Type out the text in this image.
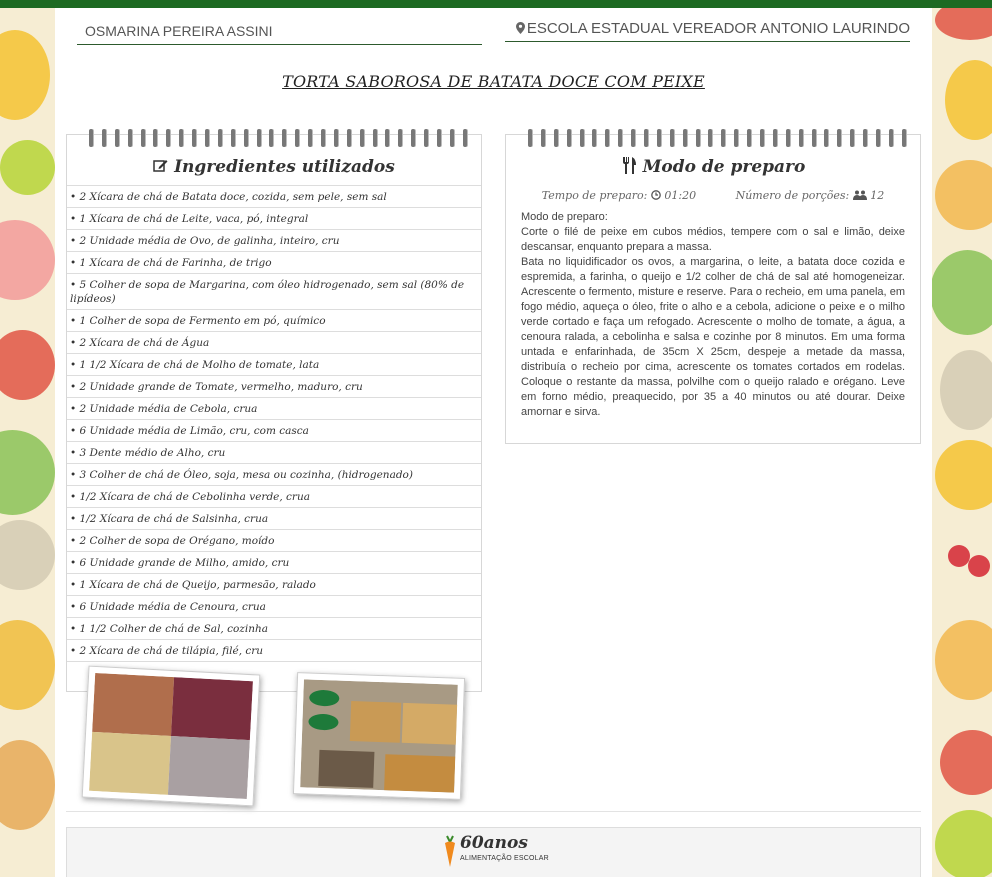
OSMARINA PEREIRA ASSINI	ESCOLA ESTADUAL VEREADOR ANTONIO LAURINDO
TORTA SABOROSA DE BATATA DOCE COM PEIXE
Ingredientes utilizados
• 2 Xícara de chá de Batata doce, cozida, sem pele, sem sal
• 1 Xícara de chá de Leite, vaca, pó, integral
• 2 Unidade média de Ovo, de galinha, inteiro, cru
• 1 Xícara de chá de Farinha, de trigo
• 5 Colher de sopa de Margarina, com óleo hidrogenado, sem sal (80% de lipídeos)
• 1 Colher de sopa de Fermento em pó, químico
• 2 Xícara de chá de Água
• 1 1/2 Xícara de chá de Molho de tomate, lata
• 2 Unidade grande de Tomate, vermelho, maduro, cru
• 2 Unidade média de Cebola, crua
• 6 Unidade média de Limão, cru, com casca
• 3 Dente médio de Alho, cru
• 3 Colher de chá de Óleo, soja, mesa ou cozinha, (hidrogenado)
• 1/2 Xícara de chá de Cebolinha verde, crua
• 1/2 Xícara de chá de Salsinha, crua
• 2 Colher de sopa de Orégano, moído
• 6 Unidade grande de Milho, amido, cru
• 1 Xícara de chá de Queijo, parmesão, ralado
• 6 Unidade média de Cenoura, crua
• 1 1/2 Colher de chá de Sal, cozinha
• 2 Xícara de chá de tilápia, filé, cru
Modo de preparo
Tempo de preparo: 01:20	Número de porções: 12
Modo de preparo:
Corte o filé de peixe em cubos médios, tempere com o sal e limão, deixe descansar, enquanto prepara a massa.
Bata no liquidificador os ovos, a margarina, o leite, a batata doce cozida e espremida, a farinha, o queijo e 1/2 colher de chá de sal até homogeneizar. Acrescente o fermento, misture e reserve. Para o recheio, em uma panela, em fogo médio, aqueça o óleo, frite o alho e a cebola, adicione o peixe e o milho verde cortado e faça um refogado. Acrescente o molho de tomate, a água, a cenoura ralada, a cebolinha e salsa e cozinhe por 8 minutos. Em uma forma untada e enfarinhada, de 35cm X 25cm, despeje a metade da massa, distribuía o recheio por cima, acrescente os tomates cortados em rodelas. Coloque o restante da massa, polvilhe com o queijo ralado e orégano. Leve em forno médio, preaquecido, por 35 a 40 minutos ou até dourar. Deixe amornar e sirva.
60anos
ALIMENTAÇÃO ESCOLAR
